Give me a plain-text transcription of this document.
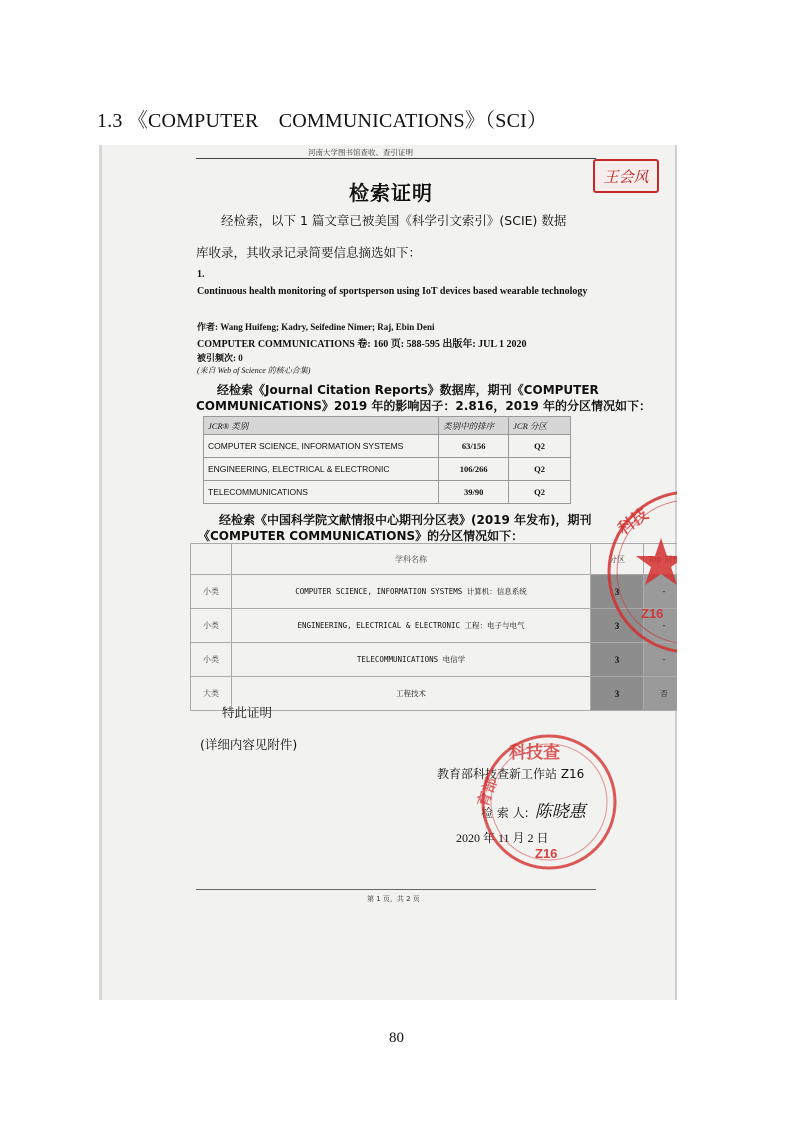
1.3 《COMPUTER　COMMUNICATIONS》（SCI）
河南大学图书馆查收、查引证明
王会风
检索证明
经检索，以下 1 篇文章已被美国《科学引文索引》(SCIE) 数据
库收录，其收录记录简要信息摘选如下：
1.
Continuous health monitoring of sportsperson using IoT devices based wearable technology
作者: Wang Huifeng; Kadry, Seifedine Nimer; Raj, Ebin Deni
COMPUTER COMMUNICATIONS 卷: 160 页: 588-595 出版年: JUL 1 2020
被引频次: 0
(来自 Web of Science 的核心合集)
经检索《Journal Citation Reports》数据库，期刊《COMPUTER
COMMUNICATIONS》2019 年的影响因子：2.816，2019 年的分区情况如下：
JCR® 类别	类别中的排序	JCR 分区
COMPUTER SCIENCE, INFORMATION SYSTEMS	63/156	Q2
ENGINEERING, ELECTRICAL & ELECTRONIC	106/266	Q2
TELECOMMUNICATIONS	39/90	Q2
经检索《中国科学院文献情报中心期刊分区表》(2019 年发布)，期刊
《COMPUTER COMMUNICATIONS》的分区情况如下：
	学科名称	分区	
小类	COMPUTER SCIENCE, INFORMATION SYSTEMS 计算机：信息系统	3	-
小类	ENGINEERING, ELECTRICAL & ELECTRONIC 工程：电子与电气	3	-
小类	TELECOMMUNICATIONS 电信学	3	-
大类	工程技术	3	否
特此证明
(详细内容见附件)
教育部科技查新工作站 Z16
检 索 人: 陈晓惠
2020 年 11 月 2 日
科技
Z16
科技查
育部
Z16
第 1 页，共 2 页
80
